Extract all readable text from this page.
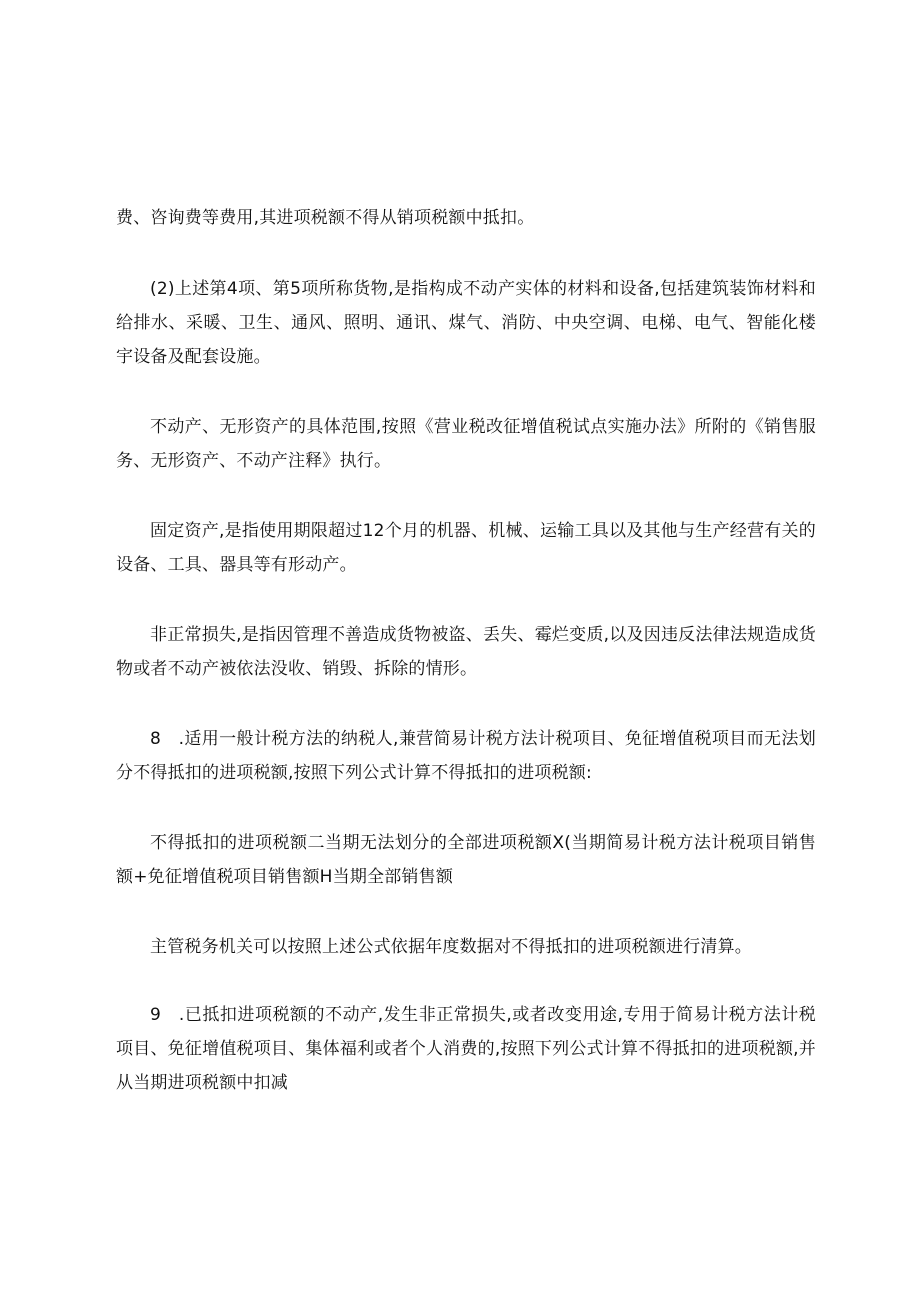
费、咨询费等费用,其进项税额不得从销项税额中抵扣。

(2)上述第4项、第5项所称货物,是指构成不动产实体的材料和设备,包括建筑装饰材料和给排水、采暖、卫生、通风、照明、通讯、煤气、消防、中央空调、电梯、电气、智能化楼宇设备及配套设施。

不动产、无形资产的具体范围,按照《营业税改征增值税试点实施办法》所附的《销售服务、无形资产、不动产注释》执行。

固定资产,是指使用期限超过12个月的机器、机械、运输工具以及其他与生产经营有关的设备、工具、器具等有形动产。

非正常损失,是指因管理不善造成货物被盗、丢失、霉烂变质,以及因违反法律法规造成货物或者不动产被依法没收、销毁、拆除的情形。

8　.适用一般计税方法的纳税人,兼营简易计税方法计税项目、免征增值税项目而无法划分不得抵扣的进项税额,按照下列公式计算不得抵扣的进项税额:

不得抵扣的进项税额二当期无法划分的全部进项税额X(当期简易计税方法计税项目销售额+免征增值税项目销售额H当期全部销售额

主管税务机关可以按照上述公式依据年度数据对不得抵扣的进项税额进行清算。

9　.已抵扣进项税额的不动产,发生非正常损失,或者改变用途,专用于简易计税方法计税项目、免征增值税项目、集体福利或者个人消费的,按照下列公式计算不得抵扣的进项税额,并从当期进项税额中扣减
